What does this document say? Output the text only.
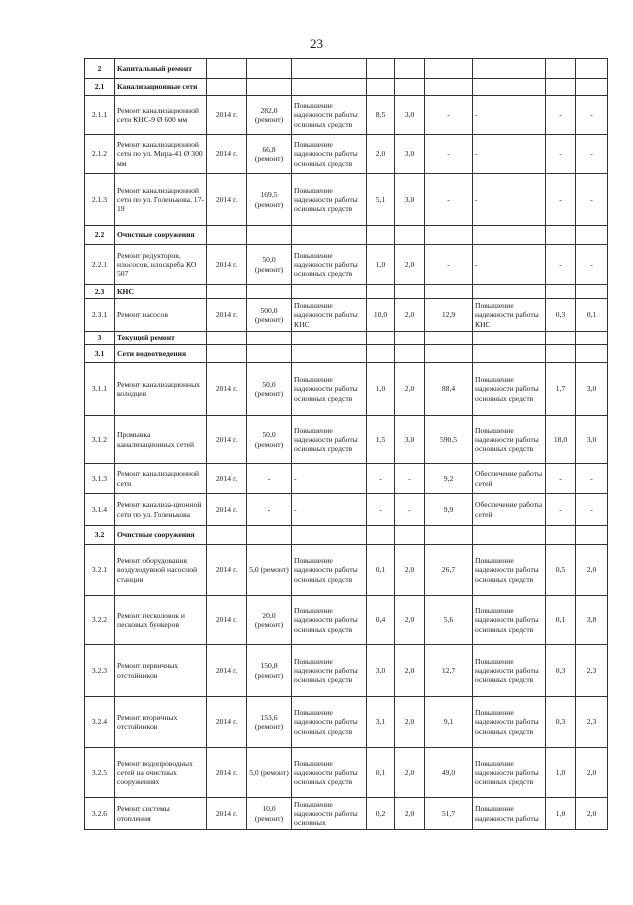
23
2	Капитальный ремонт									
2.1	Канализационные сети									
2.1.1	Ремонт канализационной сети КНС-9 Ø 600 мм	2014 г.	282,0 (ремонт)	Повышение надежности работы основных средств	8,5	3,0	-	-	-	-
2.1.2	Ремонт канализационной сети по ул. Мира-41 Ø 300 мм	2014 г.	66,8 (ремонт)	Повышение надежности работы основных средств	2,0	3,0	-	-	-	-
2.1.3	Ремонт канализационной сети по ул. Голенькова, 17-19	2014 г.	169,5 (ремонт)	Повышение надежности работы основных средств	5,1	3,0	-	-	-	-
2.2	Очистные сооружения									
2.2.1	Ремонт редукторов, илососов, илоскреба КО 507	2014 г.	50,0 (ремонт)	Повышение надежности работы основных средств	1,0	2,0	-	-	-	-
2.3	КНС									
2.3.1	Ремонт насосов	2014 г.	500,0 (ремонт)	Повышение надежности работы КНС	10,0	2,0	12,9	Повышение надежности работы КНС	0,3	0,1
3	Текущий ремонт									
3.1	Сети водоотведения									
3.1.1	Ремонт канализационных колодцев	2014 г.	50,0 (ремонт)	Повышение надежности работы основных средств	1,0	2,0	88,4	Повышение надежности работы основных средств	1,7	3,0
3.1.2	Промывка канализационных сетей	2014 г.	50,0 (ремонт)	Повышение надежности работы основных средств	1,5	3,0	590,5	Повышение надежности работы основных средств	18,0	3,0
3.1.3	Ремонт канализационной сети	2014 г.	-	-	-	-	9,2	Обеспечение работы сетей	-	-
3.1.4	Ремонт канализа-ционной сети по ул. Голенькова	2014 г.	-	-	-	-	9,9	Обеспечение работы сетей	-	-
3.2	Очистные сооружения									
3.2.1	Ремонт оборудования воздуходувной насосной станции	2014 г.	5,0 (ремонт)	Повышение надежности работы основных средств	0,1	2,0	26,7	Повышение надежности работы основных средств	0,5	2,0
3.2.2	Ремонт песколовок и песковых бункеров	2014 г.	20,0 (ремонт)	Повышение надежности работы основных средств	0,4	2,0	5,6	Повышение надежности работы основных средств	0,1	3,8
3.2.3	Ремонт первичных отстойников	2014 г.	150,8 (ремонт)	Повышение надежности работы основных средств	3,0	2,0	12,7	Повышение надежности работы основных средств	0,3	2,3
3.2.4	Ремонт вторичных отстойников	2014 г.	153,6 (ремонт)	Повышение надежности работы основных средств	3,1	2,0	9,1	Повышение надежности работы основных средств	0,3	2,3
3.2.5	Ремонт водопроводных сетей на очистных сооружениях	2014 г.	5,0 (ремонт)	Повышение надежности работы основных средств	0,1	2,0	49,0	Повышение надежности работы основных средств	1,0	2,0
3.2.6	Ремонт системы отопления	2014 г.	10,0 (ремонт)	Повышение надежности работы основных	0,2	2,0	51,7	Повышение надежности работы	1,0	2,0
